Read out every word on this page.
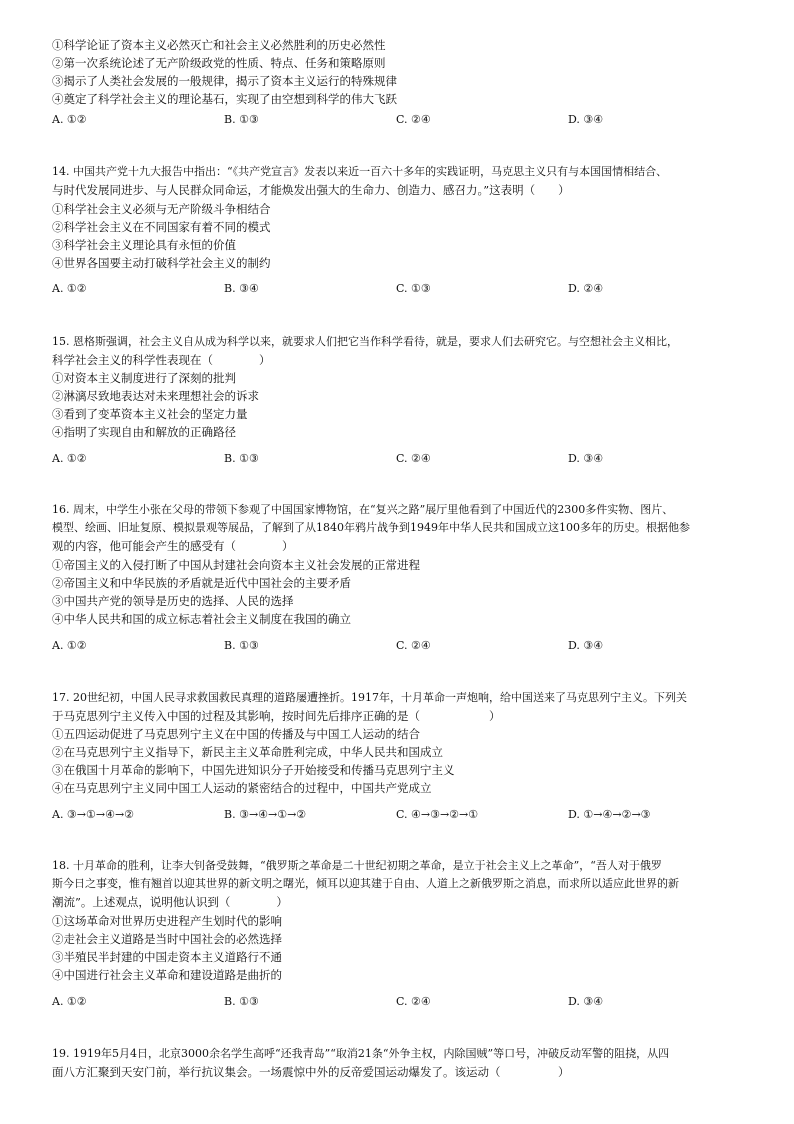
①科学论证了资本主义必然灭亡和社会主义必然胜利的历史必然性
②第一次系统论述了无产阶级政党的性质、特点、任务和策略原则
③揭示了人类社会发展的一般规律，揭示了资本主义运行的特殊规律
④奠定了科学社会主义的理论基石，实现了由空想到科学的伟大飞跃
A. ①②	B. ①③	C. ②④	D. ③④
14. 中国共产党十九大报告中指出：“《共产党宣言》发表以来近一百六十多年的实践证明，马克思主义只有与本国国情相结合、
与时代发展同进步、与人民群众同命运，才能焕发出强大的生命力、创造力、感召力。”这表明（　　）
①科学社会主义必须与无产阶级斗争相结合
②科学社会主义在不同国家有着不同的模式
③科学社会主义理论具有永恒的价值
④世界各国要主动打破科学社会主义的制约
A. ①②	B. ③④	C. ①③	D. ②④
15. 恩格斯强调，社会主义自从成为科学以来，就要求人们把它当作科学看待，就是，要求人们去研究它。与空想社会主义相比，
科学社会主义的科学性表现在（　　　　）
①对资本主义制度进行了深刻的批判
②淋漓尽致地表达对未来理想社会的诉求
③看到了变革资本主义社会的坚定力量
④指明了实现自由和解放的正确路径
A. ①②	B. ①③	C. ②④	D. ③④
16. 周末，中学生小张在父母的带领下参观了中国国家博物馆，在“复兴之路”展厅里他看到了中国近代的2300多件实物、图片、
模型、绘画、旧址复原、模拟景观等展品，了解到了从1840年鸦片战争到1949年中华人民共和国成立这100多年的历史。根据他参
观的内容，他可能会产生的感受有（　　　　）
①帝国主义的入侵打断了中国从封建社会向资本主义社会发展的正常进程
②帝国主义和中华民族的矛盾就是近代中国社会的主要矛盾
③中国共产党的领导是历史的选择、人民的选择
④中华人民共和国的成立标志着社会主义制度在我国的确立
A. ①②	B. ①③	C. ②④	D. ③④
17. 20世纪初，中国人民寻求救国救民真理的道路屡遭挫折。1917年，十月革命一声炮响，给中国送来了马克思列宁主义。下列关
于马克思列宁主义传入中国的过程及其影响，按时间先后排序正确的是（　　　　　　）
①五四运动促进了马克思列宁主义在中国的传播及与中国工人运动的结合
②在马克思列宁主义指导下，新民主主义革命胜利完成，中华人民共和国成立
③在俄国十月革命的影响下，中国先进知识分子开始接受和传播马克思列宁主义
④在马克思列宁主义同中国工人运动的紧密结合的过程中，中国共产党成立
A. ③→①→④→②	B. ③→④→①→②	C. ④→③→②→①	D. ①→④→②→③
18. 十月革命的胜利，让李大钊备受鼓舞，“俄罗斯之革命是二十世纪初期之革命，是立于社会主义上之革命”，“吾人对于俄罗
斯今日之事变，惟有翘首以迎其世界的新文明之曙光，倾耳以迎其建于自由、人道上之新俄罗斯之消息，而求所以适应此世界的新
潮流”。上述观点，说明他认识到（　　　　）
①这场革命对世界历史进程产生划时代的影响
②走社会主义道路是当时中国社会的必然选择
③半殖民半封建的中国走资本主义道路行不通
④中国进行社会主义革命和建设道路是曲折的
A. ①②	B. ①③	C. ②④	D. ③④
19. 1919年5月4日，北京3000余名学生高呼“还我青岛”“取消21条“外争主权，内除国贼”等口号，冲破反动军警的阻挠，从四
面八方汇聚到天安门前，举行抗议集会。一场震惊中外的反帝爱国运动爆发了。该运动（　　　　　）
